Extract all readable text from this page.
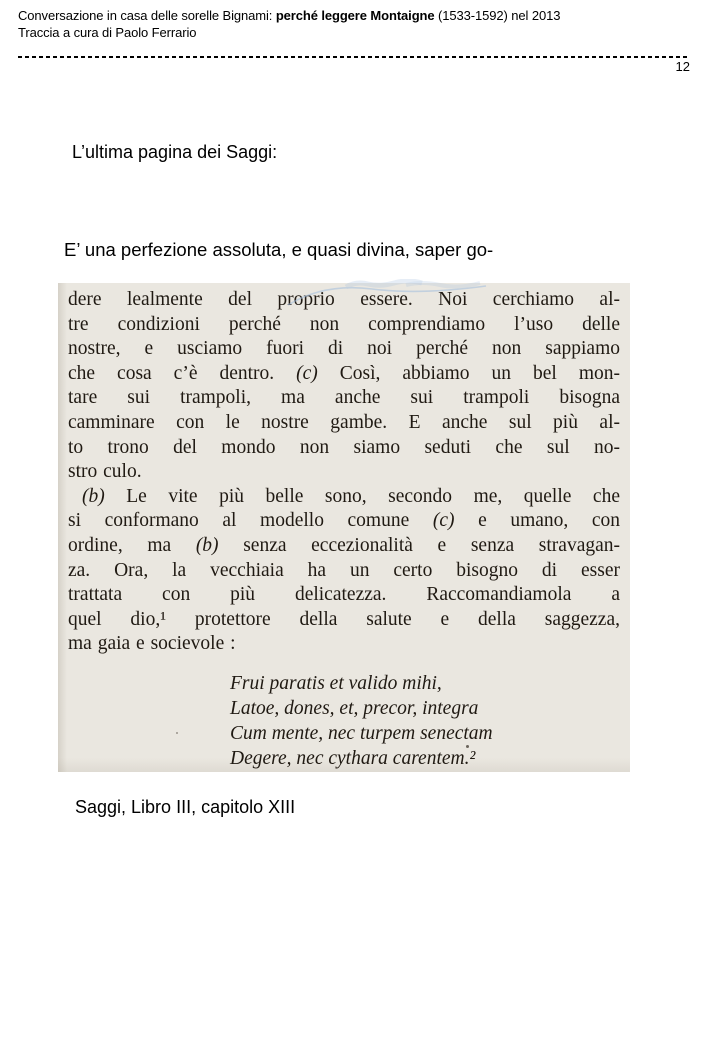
Conversazione in casa delle sorelle Bignami: perché leggere Montaigne (1533-1592) nel 2013
Traccia a cura di Paolo Ferrario
12
L’ultima pagina dei Saggi:
E’ una perfezione assoluta, e quasi divina, saper go-
dere lealmente del proprio essere. Noi cerchiamo al-
tre condizioni perché non comprendiamo l’uso delle
nostre, e usciamo fuori di noi perché non sappiamo
che cosa c’è dentro. (c) Così, abbiamo un bel mon-
tare sui trampoli, ma anche sui trampoli bisogna
camminare con le nostre gambe. E anche sul più al-
to trono del mondo non siamo seduti che sul no-
stro culo.
(b) Le vite più belle sono, secondo me, quelle che
si conformano al modello comune (c) e umano, con
ordine, ma (b) senza eccezionalità e senza stravagan-
za. Ora, la vecchiaia ha un certo bisogno di esser
trattata con più delicatezza. Raccomandiamola a
quel dio,¹ protettore della salute e della saggezza,
ma gaia e socievole :
Frui paratis et valido mihi,
Latoe, dones, et, precor, integra
Cum mente, nec turpem senectam
Degere, nec cythara carentem.²
Saggi, Libro III, capitolo XIII
